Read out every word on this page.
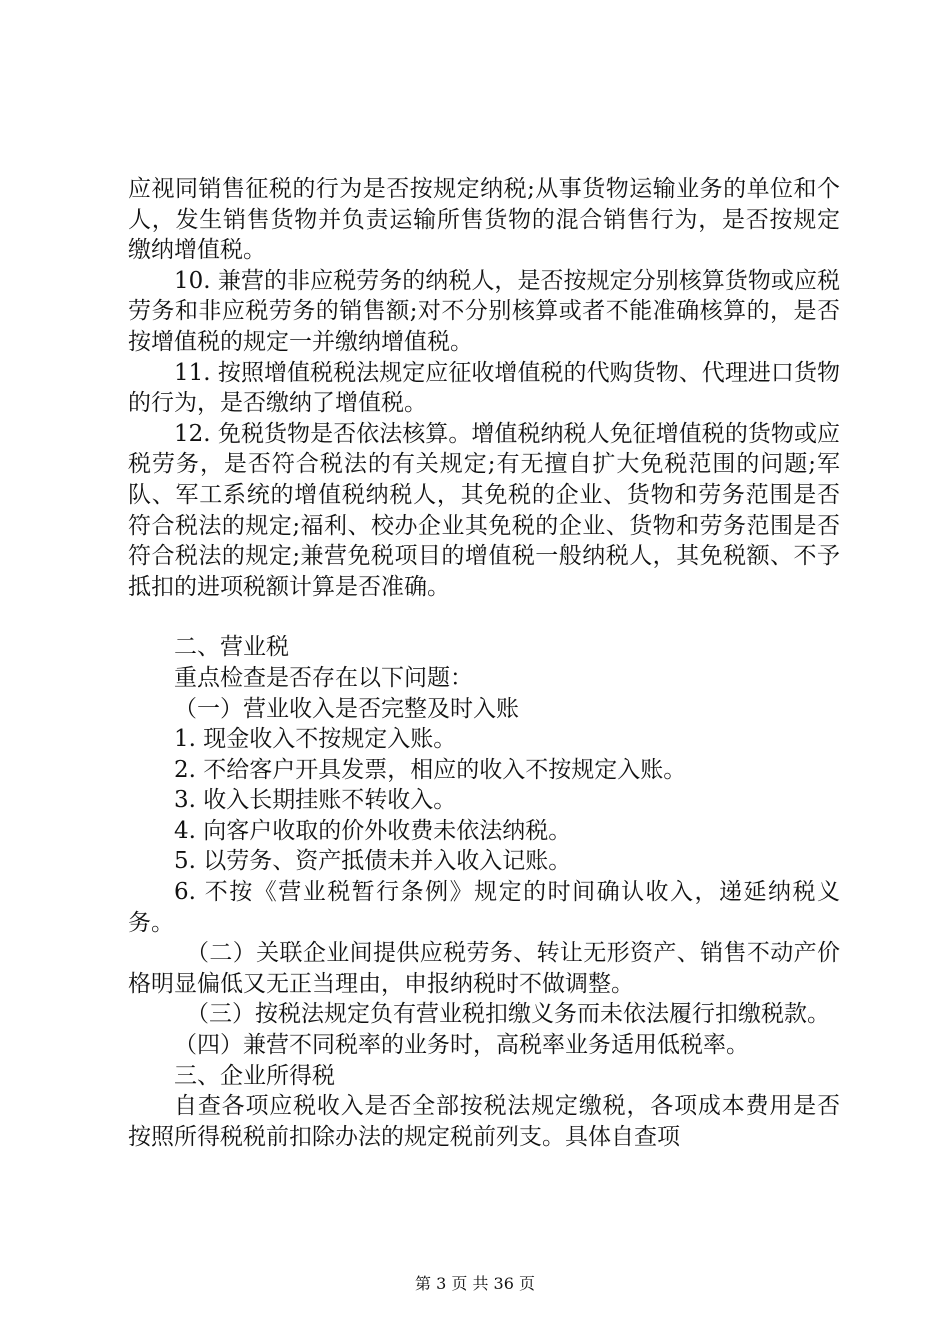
应视同销售征税的行为是否按规定纳税;从事货物运输业务的单位和个人，发生销售货物并负责运输所售货物的混合销售行为，是否按规定缴纳增值税。

10. 兼营的非应税劳务的纳税人，是否按规定分别核算货物或应税劳务和非应税劳务的销售额;对不分别核算或者不能准确核算的，是否按增值税的规定一并缴纳增值税。

11. 按照增值税税法规定应征收增值税的代购货物、代理进口货物的行为，是否缴纳了增值税。

12. 免税货物是否依法核算。增值税纳税人免征增值税的货物或应税劳务，是否符合税法的有关规定;有无擅自扩大免税范围的问题;军队、军工系统的增值税纳税人，其免税的企业、货物和劳务范围是否符合税法的规定;福利、校办企业其免税的企业、货物和劳务范围是否符合税法的规定;兼营免税项目的增值税一般纳税人，其免税额、不予抵扣的进项税额计算是否准确。

二、营业税

重点检查是否存在以下问题：

（一）营业收入是否完整及时入账

1. 现金收入不按规定入账。

2. 不给客户开具发票，相应的收入不按规定入账。

3. 收入长期挂账不转收入。

4. 向客户收取的价外收费未依法纳税。

5. 以劳务、资产抵债未并入收入记账。

6. 不按《营业税暂行条例》规定的时间确认收入，递延纳税义务。

（二）关联企业间提供应税劳务、转让无形资产、销售不动产价格明显偏低又无正当理由，申报纳税时不做调整。

（三）按税法规定负有营业税扣缴义务而未依法履行扣缴税款。

（四）兼营不同税率的业务时，高税率业务适用低税率。

三、企业所得税

自查各项应税收入是否全部按税法规定缴税，各项成本费用是否按照所得税税前扣除办法的规定税前列支。具体自查项

第 3 页 共 36 页
